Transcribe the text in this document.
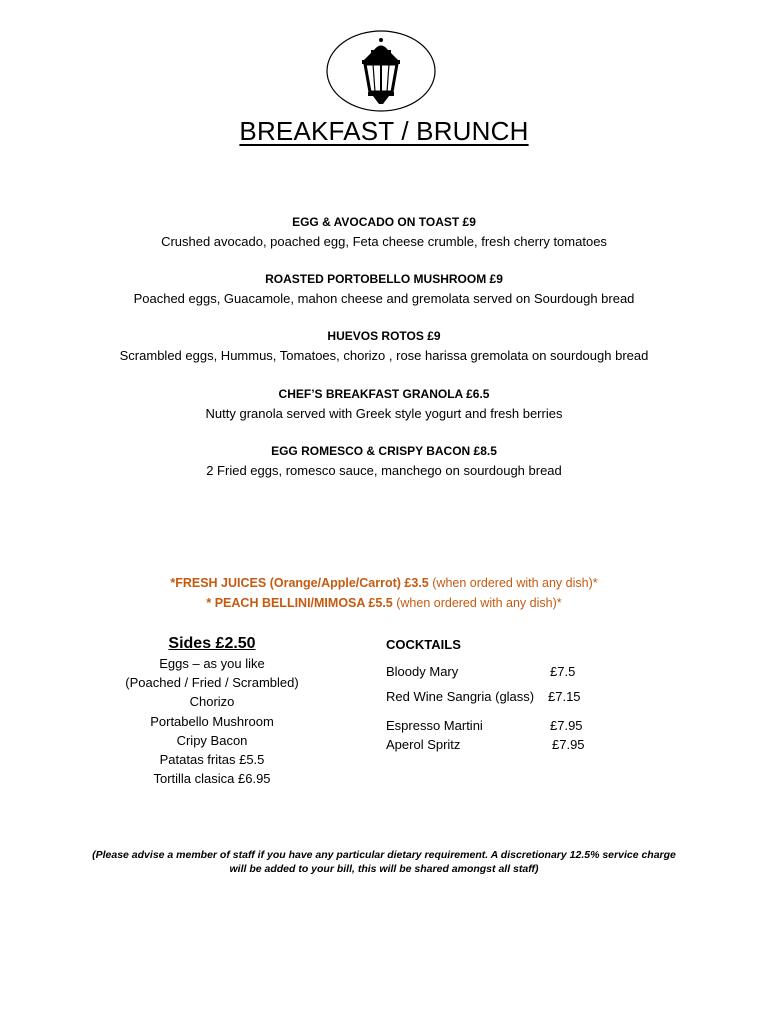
BREAKFAST / BRUNCH
EGG & AVOCADO ON TOAST £9
Crushed avocado, poached egg, Feta cheese crumble, fresh cherry tomatoes
ROASTED PORTOBELLO MUSHROOM £9
Poached eggs, Guacamole, mahon cheese and gremolata served on Sourdough bread
HUEVOS ROTOS £9
Scrambled eggs, Hummus, Tomatoes, chorizo , rose harissa gremolata on sourdough bread
CHEF’S BREAKFAST GRANOLA £6.5
Nutty granola served with Greek style yogurt and fresh berries
EGG ROMESCO & CRISPY BACON £8.5
2 Fried eggs, romesco sauce, manchego on sourdough bread
*FRESH JUICES (Orange/Apple/Carrot) £3.5 (when ordered with any dish)*
* PEACH BELLINI/MIMOSA £5.5 (when ordered with any dish)*
Sides £2.50
Eggs – as you like
(Poached / Fried / Scrambled)
Chorizo
Portabello Mushroom
Cripy Bacon
Patatas fritas £5.5
Tortilla clasica £6.95
COCKTAILS
Bloody Mary	£7.5
Red Wine Sangria (glass) £7.15
Espresso Martini	£7.95
Aperol Spritz	£7.95
(Please advise a member of staff if you have any particular dietary requirement. A discretionary 12.5% service charge
will be added to your bill, this will be shared amongst all staff)
